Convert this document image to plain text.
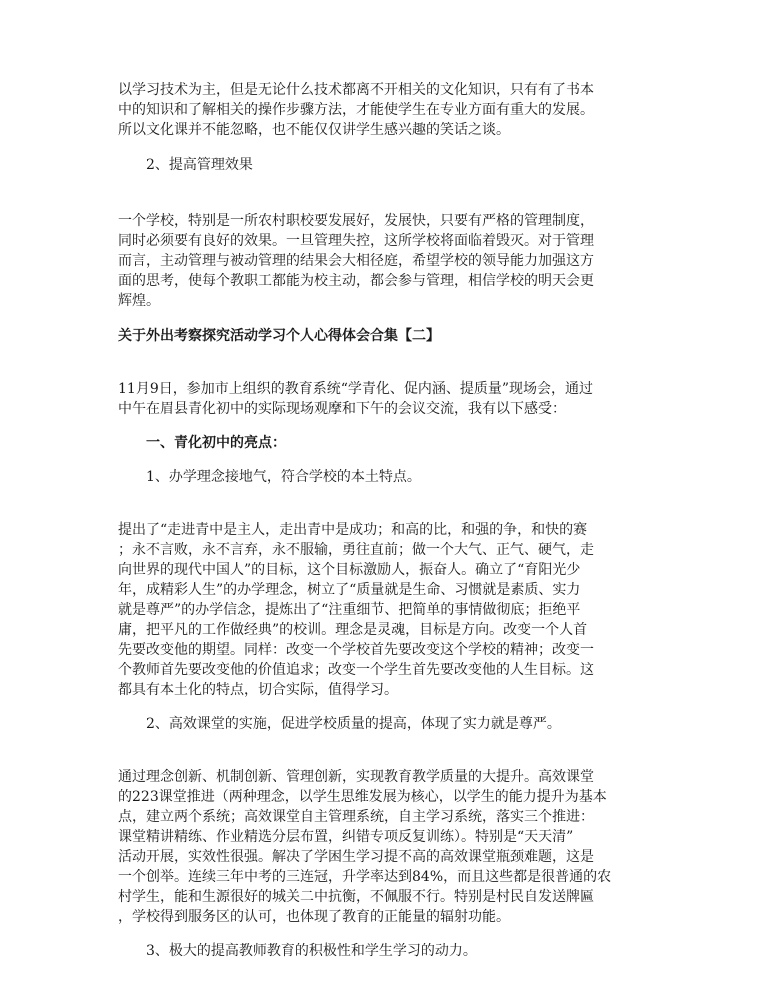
以学习技术为主，但是无论什么技术都离不开相关的文化知识，只有有了书本
中的知识和了解相关的操作步骤方法，才能使学生在专业方面有重大的发展。
所以文化课并不能忽略，也不能仅仅讲学生感兴趣的笑话之谈。

2、提高管理效果

一个学校，特别是一所农村职校要发展好，发展快，只要有严格的管理制度，
同时必须要有良好的效果。一旦管理失控，这所学校将面临着毁灭。对于管理
而言，主动管理与被动管理的结果会大相径庭，希望学校的领导能力加强这方
面的思考，使每个教职工都能为校主动，都会参与管理，相信学校的明天会更
辉煌。

关于外出考察探究活动学习个人心得体会合集【二】

11月9日，参加市上组织的教育系统“学青化、促内涵、提质量”现场会，通过
中午在眉县青化初中的实际现场观摩和下午的会议交流，我有以下感受：

一、青化初中的亮点：

1、办学理念接地气，符合学校的本土特点。

提出了“走进青中是主人，走出青中是成功；和高的比，和强的争，和快的赛
；永不言败，永不言弃，永不服输，勇往直前；做一个大气、正气、硬气，走
向世界的现代中国人”的目标，这个目标激励人，振奋人。确立了“育阳光少
年，成精彩人生”的办学理念，树立了“质量就是生命、习惯就是素质、实力
就是尊严”的办学信念，提炼出了“注重细节、把简单的事情做彻底；拒绝平
庸，把平凡的工作做经典”的校训。理念是灵魂，目标是方向。改变一个人首
先要改变他的期望。同样：改变一个学校首先要改变这个学校的精神；改变一
个教师首先要改变他的价值追求；改变一个学生首先要改变他的人生目标。这
都具有本土化的特点，切合实际，值得学习。

2、高效课堂的实施，促进学校质量的提高，体现了实力就是尊严。

通过理念创新、机制创新、管理创新，实现教育教学质量的大提升。高效课堂
的223课堂推进（两种理念，以学生思维发展为核心，以学生的能力提升为基本
点，建立两个系统；高效课堂自主管理系统，自主学习系统，落实三个推进：
课堂精讲精练、作业精选分层布置，纠错专项反复训练）。特别是“天天清”
活动开展，实效性很强。解决了学困生学习提不高的高效课堂瓶颈难题，这是
一个创举。连续三年中考的三连冠，升学率达到84%，而且这些都是很普通的农
村学生，能和生源很好的城关二中抗衡，不佩服不行。特别是村民自发送牌匾
，学校得到服务区的认可，也体现了教育的正能量的辐射功能。

3、极大的提高教师教育的积极性和学生学习的动力。
